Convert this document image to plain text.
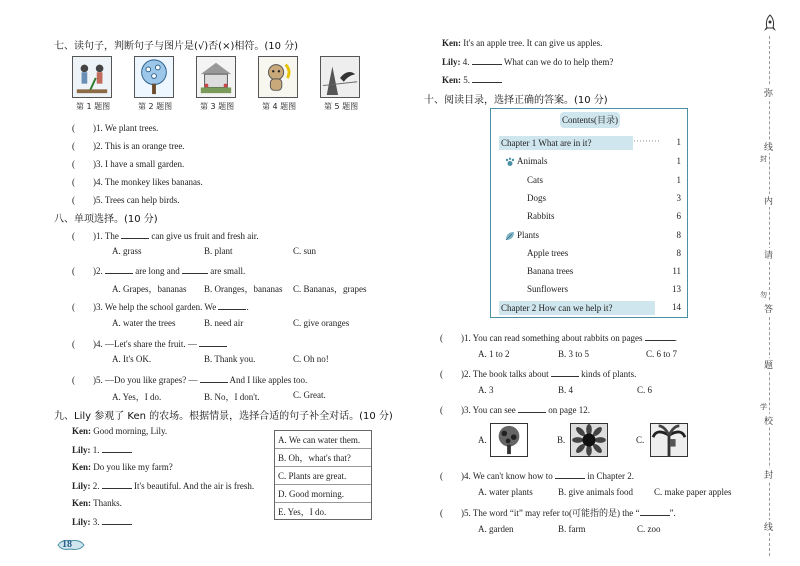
七、读句子，判断句子与图片是(√)否(×)相符。(10 分)
第 1 题图	第 2 题图	第 3 题图	第 4 题图	第 5 题图
(　　)1. We plant trees.
(　　)2. This is an orange tree.
(　　)3. I have a small garden.
(　　)4. The monkey likes bananas.
(　　)5. Trees can help birds.
八、单项选择。(10 分)
(　　)1. The	can give us fruit and fresh air.
A. grass	B. plant	C. sun
(　　)2.	are long and	are small.
A. Grapes，bananas B. Oranges，bananas C. Bananas，grapes
(　　)3. We help the school garden. We	.
A. water the trees	B. need air	C. give oranges
(　　)4. —Let's share the fruit. —
A. It's OK.	B. Thank you.	C. Oh no!
(　　)5. —Do you like grapes? —	And I like apples too.
A. Yes，I do.	B. No，I don't.	C. Great.
九、Lily 参观了 Ken 的农场。根据情景，选择合适的句子补全对话。(10 分)
Ken: Good morning, Lily.
Lily: 1.
Ken: Do you like my farm?
Lily: 2.	It's beautiful. And the air is fresh.
Ken: Thanks.
Lily: 3.
A. We can water them.
B. Oh，what's that?
C. Plants are great.
D. Good morning.
E. Yes，I do.
18
Ken: It's an apple tree. It can give us apples.
Lily: 4.	What can we do to help them?
Ken: 5.
十、阅读目录，选择正确的答案。(10 分)
Contents(目录)
Chapter 1 What are in it?	·········	1
Animals	1
Cats	1
Dogs	3
Rabbits	6
Plants	8
Apple trees	8
Banana trees	11
Sunflowers	13
Chapter 2 How can we help it?	14
(　　)1. You can read something about rabbits on pages	.
A. 1 to 2	B. 3 to 5	C. 6 to 7
(　　)2. The book talks about	kinds of plants.
A. 3	B. 4	C. 6
(　　)3. You can see	on page 12.
A.	B.	C.
(　　)4. We can't know how to	in Chapter 2.
A. water plants	B. give animals food C. make paper apples
(　　)5. The word “it” may refer to(可能指的是) the “	”.
A. garden	B. farm	C. zoo
弥
封
线
内
请
勿
答
题
学
校
封
线
